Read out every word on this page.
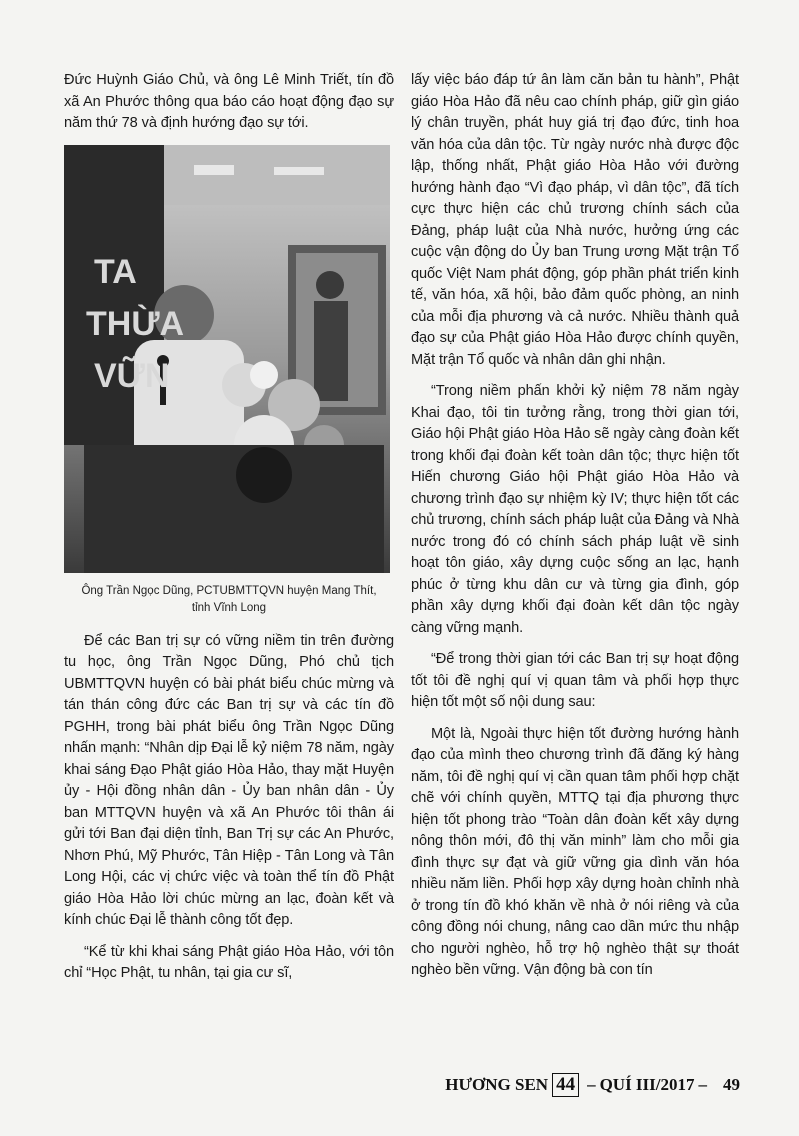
Đức Huỳnh Giáo Chủ, và ông Lê Minh Triết, tín đồ xã An Phước thông qua báo cáo hoạt động đạo sự năm thứ 78 và định hướng đạo sự tới.

TA
THỪA
VỮN
Ông Trần Ngọc Dũng, PCTUBMTTQVN huyện Mang Thít,
tỉnh Vĩnh Long

Để các Ban trị sự có vững niềm tin trên đường tu học, ông Trần Ngọc Dũng, Phó chủ tịch UBMTTQVN huyện có bài phát biểu chúc mừng và tán thán công đức các Ban trị sự và các tín đồ PGHH, trong bài phát biểu ông Trần Ngọc Dũng nhấn mạnh: “Nhân dịp Đại lễ kỷ niệm 78 năm, ngày khai sáng Đạo Phật giáo Hòa Hảo, thay mặt Huyện ủy - Hội đồng nhân dân - Ủy ban nhân dân - Ủy ban MTTQVN huyện và xã An Phước tôi thân ái gửi tới Ban đại diện tỉnh, Ban Trị sự các An Phước, Nhơn Phú, Mỹ Phước, Tân Hiệp - Tân Long và Tân Long Hội, các vị chức việc và toàn thể tín đồ Phật giáo Hòa Hảo lời chúc mừng an lạc, đoàn kết và kính chúc Đại lễ thành công tốt đẹp.

“Kể từ khi khai sáng Phật giáo Hòa Hảo, với tôn chỉ “Học Phật, tu nhân, tại gia cư sĩ,

lấy việc báo đáp tứ ân làm căn bản tu hành”, Phật giáo Hòa Hảo đã nêu cao chính pháp, giữ gìn giáo lý chân truyền, phát huy giá trị đạo đức, tinh hoa văn hóa của dân tộc. Từ ngày nước nhà được độc lập, thống nhất, Phật giáo Hòa Hảo với đường hướng hành đạo “Vì đạo pháp, vì dân tộc”, đã tích cực thực hiện các chủ trương chính sách của Đảng, pháp luật của Nhà nước, hưởng ứng các cuộc vận động do Ủy ban Trung ương Mặt trận Tổ quốc Việt Nam phát động, góp phần phát triển kinh tế, văn hóa, xã hội, bảo đảm quốc phòng, an ninh của mỗi địa phương và cả nước. Nhiều thành quả đạo sự của Phật giáo Hòa Hảo được chính quyền, Mặt trận Tổ quốc và nhân dân ghi nhận.

“Trong niềm phấn khởi kỷ niệm 78 năm ngày Khai đạo, tôi tin tưởng rằng, trong thời gian tới, Giáo hội Phật giáo Hòa Hảo sẽ ngày càng đoàn kết trong khối đại đoàn kết toàn dân tộc; thực hiện tốt Hiến chương Giáo hội Phật giáo Hòa Hảo và chương trình đạo sự nhiệm kỳ IV; thực hiện tốt các chủ trương, chính sách pháp luật của Đảng và Nhà nước trong đó có chính sách pháp luật về sinh hoạt tôn giáo, xây dựng cuộc sống an lạc, hạnh phúc ở từng khu dân cư và từng gia đình, góp phần xây dựng khối đại đoàn kết dân tộc ngày càng vững mạnh.

“Để trong thời gian tới các Ban trị sự hoạt động tốt tôi đề nghị quí vị quan tâm và phối hợp thực hiện tốt một số nội dung sau:

Một là, Ngoài thực hiện tốt đường hướng hành đạo của mình theo chương trình đã đăng ký hàng năm, tôi đề nghị quí vị cần quan tâm phối hợp chặt chẽ với chính quyền, MTTQ tại địa phương thực hiện tốt phong trào “Toàn dân đoàn kết xây dựng nông thôn mới, đô thị văn minh” làm cho mỗi gia đình thực sự đạt và giữ vững gia dình văn hóa nhiều năm liền. Phối hợp xây dựng hoàn chỉnh nhà ở trong tín đồ khó khăn về nhà ở nói riêng và của công đồng nói chung, nâng cao dần mức thu nhập cho người nghèo, hỗ trợ hộ nghèo thật sự thoát nghèo bền vững. Vận động bà con tín

HƯƠNG SEN 44 – QUÍ III/2017 – 49
